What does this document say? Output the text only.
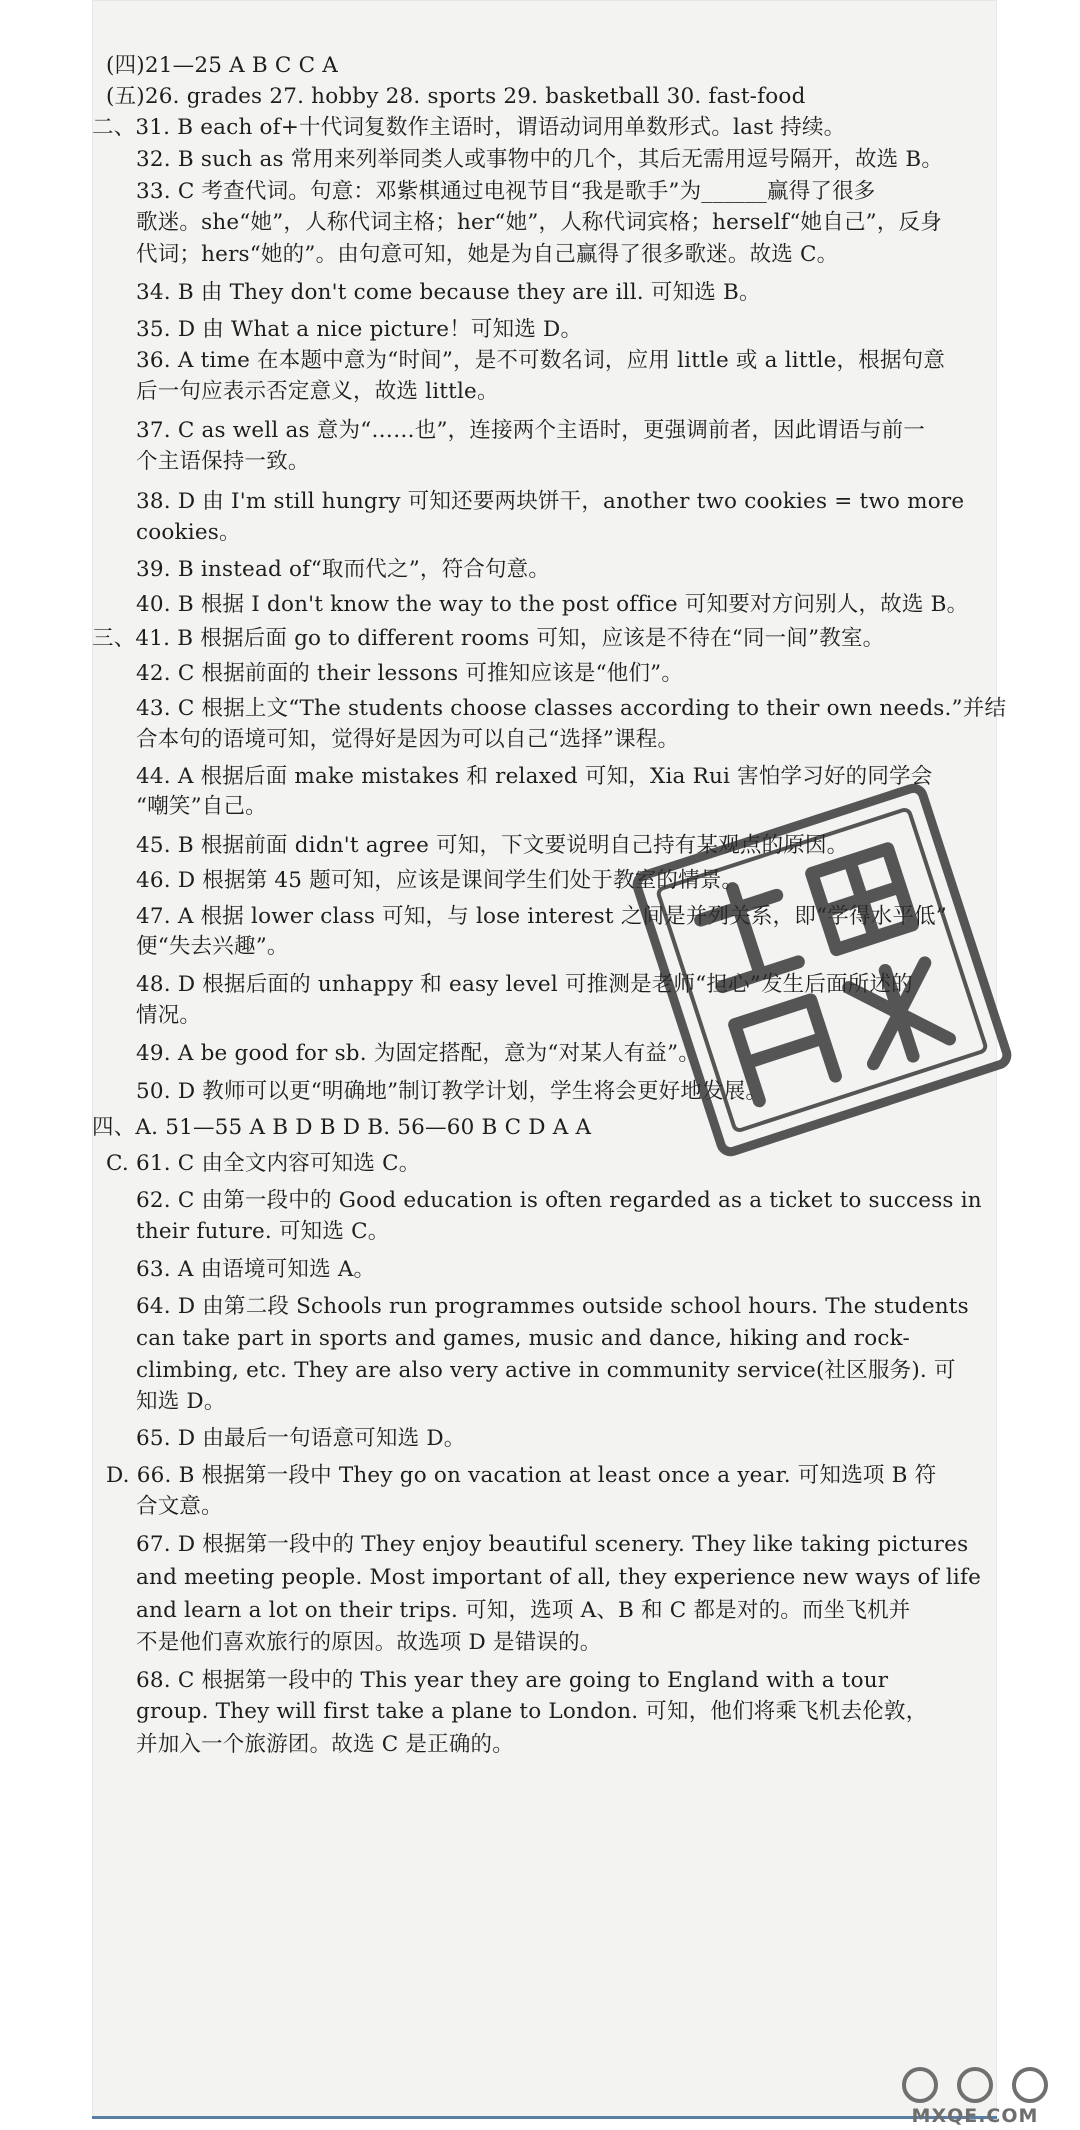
(四)21—25 A B C C A
(五)26. grades 27. hobby 28. sports 29. basketball 30. fast-food
二、31. B each of+十代词复数作主语时，谓语动词用单数形式。last 持续。
32. B such as 常用来列举同类人或事物中的几个，其后无需用逗号隔开，故选 B。
33. C 考查代词。句意：邓紫棋通过电视节目“我是歌手”为______赢得了很多
歌迷。she“她”，人称代词主格；her“她”，人称代词宾格；herself“她自己”，反身
代词；hers“她的”。由句意可知，她是为自己赢得了很多歌迷。故选 C。
34. B 由 They don't come because they are ill. 可知选 B。
35. D 由 What a nice picture！可知选 D。
36. A time 在本题中意为“时间”，是不可数名词，应用 little 或 a little，根据句意
后一句应表示否定意义，故选 little。
37. C as well as 意为“……也”，连接两个主语时，更强调前者，因此谓语与前一
个主语保持一致。
38. D 由 I'm still hungry 可知还要两块饼干，another two cookies = two more
cookies。
39. B instead of“取而代之”，符合句意。
40. B 根据 I don't know the way to the post office 可知要对方问别人，故选 B。
三、41. B 根据后面 go to different rooms 可知，应该是不待在“同一间”教室。
42. C 根据前面的 their lessons 可推知应该是“他们”。
43. C 根据上文“The students choose classes according to their own needs.”并结
合本句的语境可知，觉得好是因为可以自己“选择”课程。
44. A 根据后面 make mistakes 和 relaxed 可知，Xia Rui 害怕学习好的同学会
“嘲笑”自己。
45. B 根据前面 didn't agree 可知，下文要说明自己持有某观点的原因。
46. D 根据第 45 题可知，应该是课间学生们处于教室的情景。
47. A 根据 lower class 可知，与 lose interest 之间是并列关系，即“学得水平低”
便“失去兴趣”。
48. D 根据后面的 unhappy 和 easy level 可推测是老师“担心”发生后面所述的
情况。
49. A be good for sb. 为固定搭配，意为“对某人有益”。
50. D 教师可以更“明确地”制订教学计划，学生将会更好地发展。
四、A. 51—55 A B D B D B. 56—60 B C D A A
C. 61. C 由全文内容可知选 C。
62. C 由第一段中的 Good education is often regarded as a ticket to success in
their future. 可知选 C。
63. A 由语境可知选 A。
64. D 由第二段 Schools run programmes outside school hours. The students
can take part in sports and games, music and dance, hiking and rock-
climbing, etc. They are also very active in community service(社区服务). 可
知选 D。
65. D 由最后一句语意可知选 D。
D. 66. B 根据第一段中 They go on vacation at least once a year. 可知选项 B 符
合文意。
67. D 根据第一段中的 They enjoy beautiful scenery. They like taking pictures
and meeting people. Most important of all, they experience new ways of life
and learn a lot on their trips. 可知，选项 A、B 和 C 都是对的。而坐飞机并
不是他们喜欢旅行的原因。故选项 D 是错误的。
68. C 根据第一段中的 This year they are going to England with a tour
group. They will first take a plane to London. 可知，他们将乘飞机去伦敦，
并加入一个旅游团。故选 C 是正确的。
MXQE.COM
